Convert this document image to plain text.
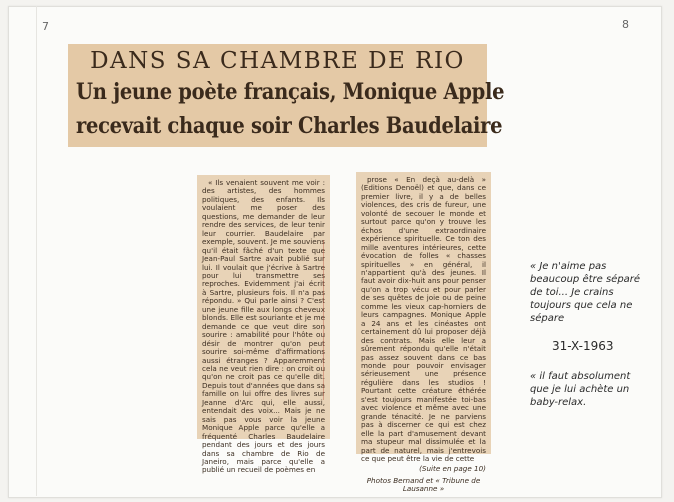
7	8
DANS SA CHAMBRE DE RIO
Un jeune poète français, Monique Apple
recevait chaque soir Charles Baudelaire

« Ils venaient souvent me voir : des artistes, des hommes politiques, des enfants. Ils voulaient me poser des questions, me demander de leur rendre des services, de leur tenir leur courrier. Baudelaire par exemple, souvent. Je me souviens qu'il était fâché d'un texte que Jean-Paul Sartre avait publié sur lui. Il voulait que j'écrive à Sartre pour lui transmettre ses reproches. Evidemment j'ai écrit à Sartre, plusieurs fois. Il n'a pas répondu. » Qui parle ainsi ? C'est une jeune fille aux longs cheveux blonds. Elle est souriante et je me demande ce que veut dire son sourire : amabilité pour l'hôte ou désir de montrer qu'on peut sourire soi-même d'affirmations aussi étranges ? Apparemment cela ne veut rien dire : on croit ou qu'on ne croit pas ce qu'elle dit. Depuis tout d'années que dans sa famille on lui offre des livres sur Jeanne d'Arc qui, elle aussi, entendait des voix... Mais je ne sais pas vous voir la jeune Monique Apple parce qu'elle a fréquenté Charles Baudelaire pendant des jours et des jours dans sa chambre de Rio de Janeiro, mais parce qu'elle a publié un recueil de poèmes en

prose « En deçà au-delà » (Editions Denoël) et que, dans ce premier livre, il y a de belles violences, des cris de fureur, une volonté de secouer le monde et surtout parce qu'on y trouve les échos d'une extraordinaire expérience spirituelle. Ce ton des mille aventures intérieures, cette évocation de folles « chasses spirituelles » en général, il n'appartient qu'à des jeunes. Il faut avoir dix-huit ans pour penser qu'on a trop vécu et pour parler de ses quêtes de joie ou de peine comme les vieux cap-horniers de leurs campagnes. Monique Apple a 24 ans et les cinéastes ont certainement dû lui proposer déjà des contrats. Mais elle leur a sûrement répondu qu'elle n'était pas assez souvent dans ce bas monde pour pouvoir envisager sérieusement une présence régulière dans les studios ! Pourtant cette créature éthérée s'est toujours manifestée toi-bas avec violence et même avec une grande ténacité. Je ne parviens pas à discerner ce qui est chez elle la part d'amusement devant ma stupeur mal dissimulée et la part de naturel, mais j'entrevois ce que peut être la vie de cette

(Suite en page 10)
Photos Bernand et « Tribune de Lausanne »
« Je n'aime pas beaucoup être séparé de toi... Je crains toujours que cela ne sépare
31-X-1963
« il faut absolument que je lui achète un baby-relax.
